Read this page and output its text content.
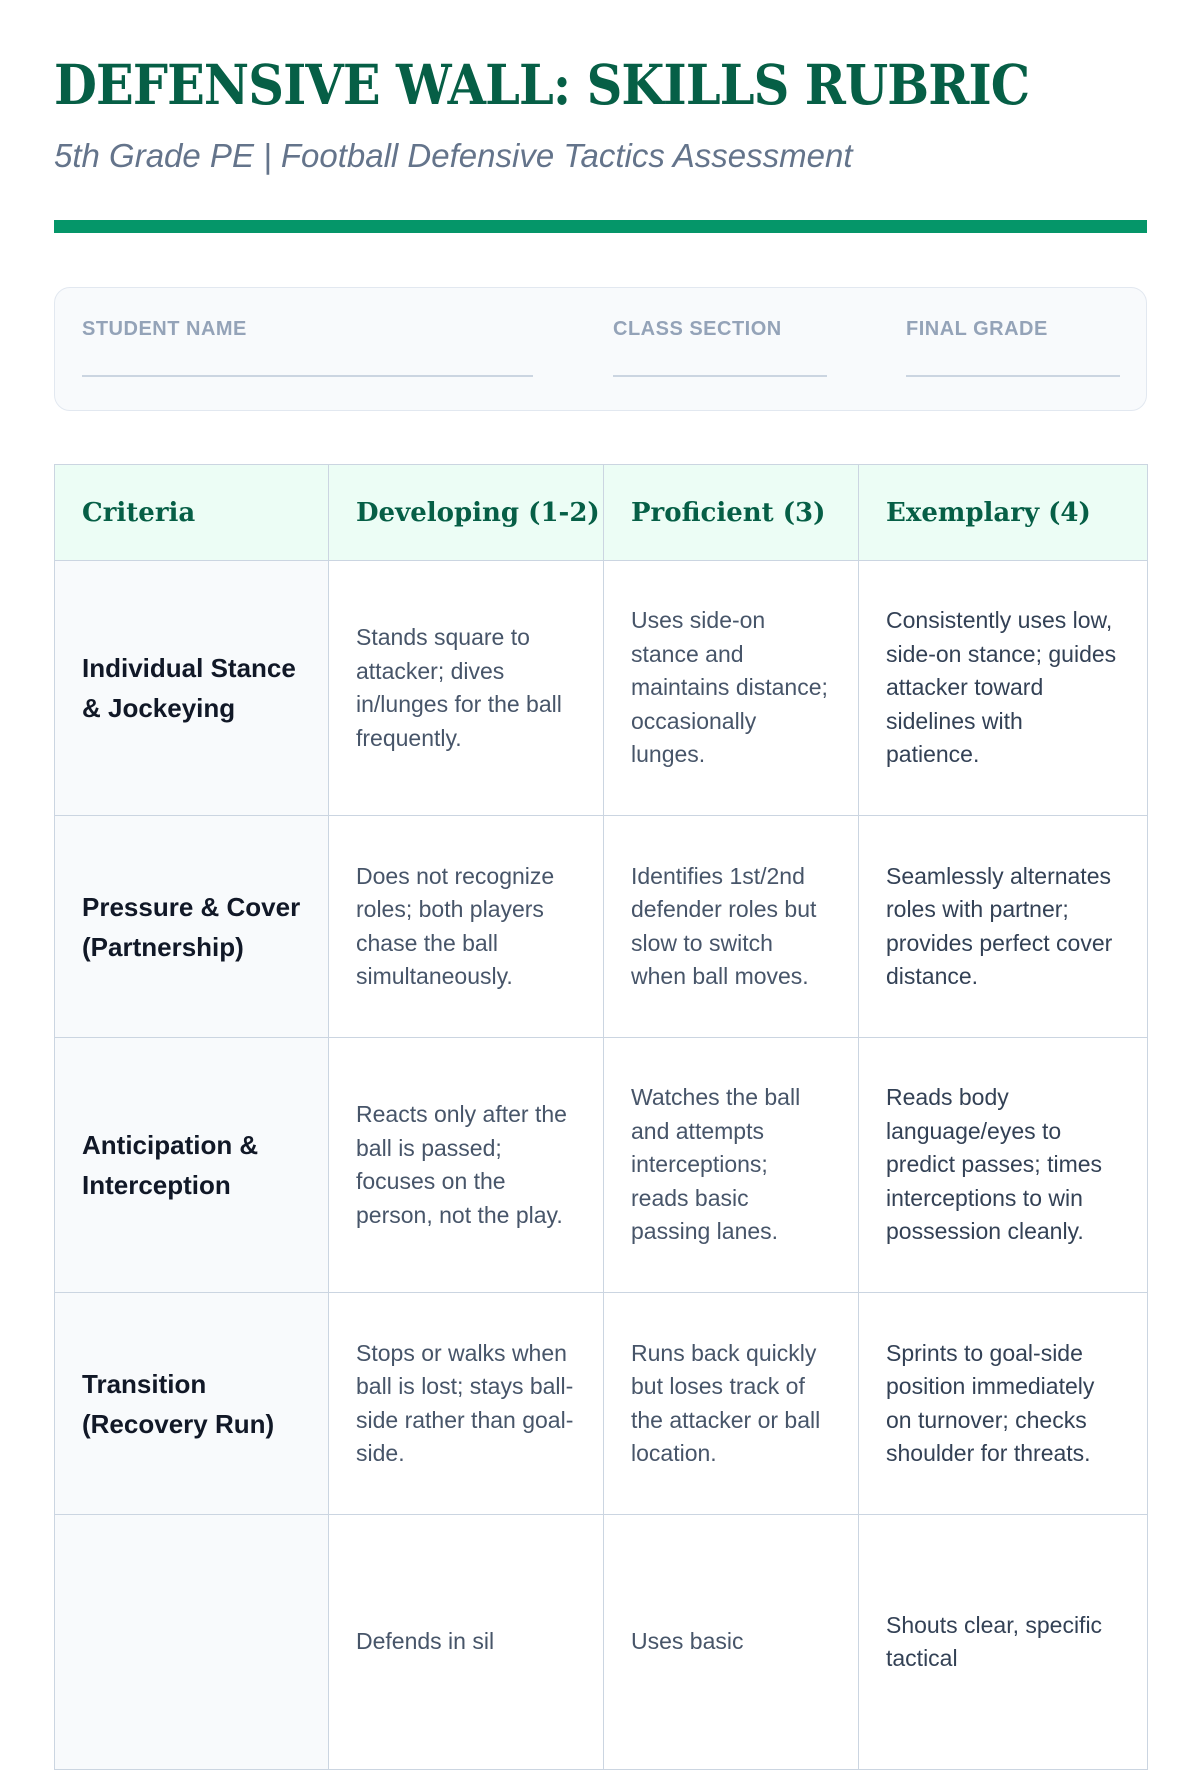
DEFENSIVE WALL: SKILLS RUBRIC
5th Grade PE | Football Defensive Tactics Assessment
STUDENT NAME	CLASS SECTION	FINAL GRADE
Criteria	Developing (1-2)	Proficient (3)	Exemplary (4)
Individual Stance & Jockeying	Stands square to attacker; dives in/lunges for the ball frequently.	Uses side-on stance and maintains distance; occasionally lunges.	Consistently uses low, side-on stance; guides attacker toward sidelines with patience.
Pressure & Cover (Partnership)	Does not recognize roles; both players chase the ball simultaneously.	Identifies 1st/2nd defender roles but slow to switch when ball moves.	Seamlessly alternates roles with partner; provides perfect cover distance.
Anticipation & Interception	Reacts only after the ball is passed; focuses on the person, not the play.	Watches the ball and attempts interceptions; reads basic passing lanes.	Reads body language/eyes to predict passes; times interceptions to win possession cleanly.
Transition (Recovery Run)	Stops or walks when ball is lost; stays ball-side rather than goal-side.	Runs back quickly but loses track of the attacker or ball location.	Sprints to goal-side position immediately on turnover; checks shoulder for threats.
	Defends in sil	Uses basic	Shouts clear, specific tactical
